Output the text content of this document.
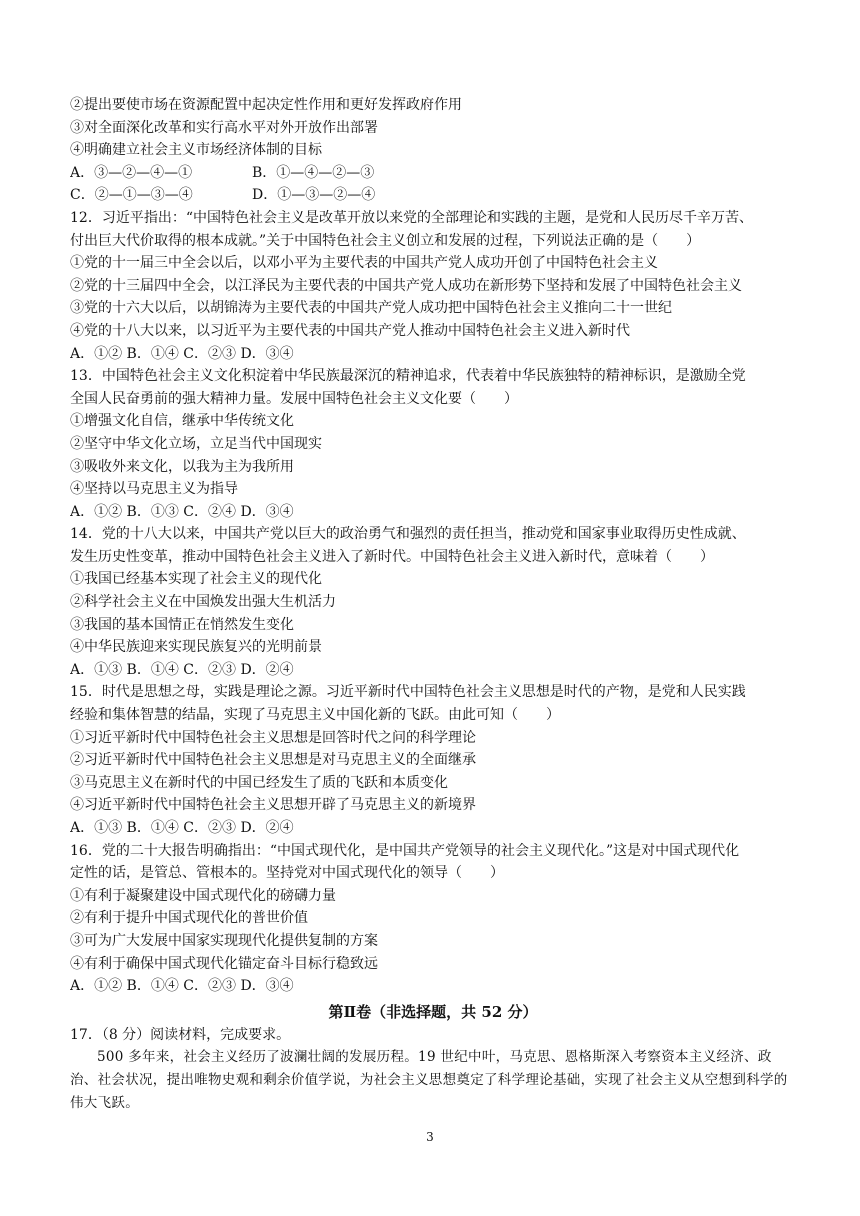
②提出要使市场在资源配置中起决定性作用和更好发挥政府作用
③对全面深化改革和实行高水平对外开放作出部署
④明确建立社会主义市场经济体制的目标
A．③—②—④—①	B．①—④—②—③
C．②—①—③—④	D．①—③—②—④
12．习近平指出：“中国特色社会主义是改革开放以来党的全部理论和实践的主题，是党和人民历尽千辛万苦、
付出巨大代价取得的根本成就。”关于中国特色社会主义创立和发展的过程，下列说法正确的是（　　）
①党的十一届三中全会以后，以邓小平为主要代表的中国共产党人成功开创了中国特色社会主义
②党的十三届四中全会，以江泽民为主要代表的中国共产党人成功在新形势下坚持和发展了中国特色社会主义
③党的十六大以后，以胡锦涛为主要代表的中国共产党人成功把中国特色社会主义推向二十一世纪
④党的十八大以来，以习近平为主要代表的中国共产党人推动中国特色社会主义进入新时代
A．①② B．①④ C．②③ D．③④
13．中国特色社会主义文化积淀着中华民族最深沉的精神追求，代表着中华民族独特的精神标识，是激励全党
全国人民奋勇前的强大精神力量。发展中国特色社会主义文化要（　　）
①增强文化自信，继承中华传统文化
②坚守中华文化立场，立足当代中国现实
③吸收外来文化，以我为主为我所用
④坚持以马克思主义为指导
A．①② B．①③ C．②④ D．③④
14．党的十八大以来，中国共产党以巨大的政治勇气和强烈的责任担当，推动党和国家事业取得历史性成就、
发生历史性变革，推动中国特色社会主义进入了新时代。中国特色社会主义进入新时代，意味着（　　）
①我国已经基本实现了社会主义的现代化
②科学社会主义在中国焕发出强大生机活力
③我国的基本国情正在悄然发生变化
④中华民族迎来实现民族复兴的光明前景
A．①③ B．①④ C．②③ D．②④
15．时代是思想之母，实践是理论之源。习近平新时代中国特色社会主义思想是时代的产物，是党和人民实践
经验和集体智慧的结晶，实现了马克思主义中国化新的飞跃。由此可知（　　）
①习近平新时代中国特色社会主义思想是回答时代之问的科学理论
②习近平新时代中国特色社会主义思想是对马克思主义的全面继承
③马克思主义在新时代的中国已经发生了质的飞跃和本质变化
④习近平新时代中国特色社会主义思想开辟了马克思主义的新境界
A．①③ B．①④ C．②③ D．②④
16．党的二十大报告明确指出：“中国式现代化，是中国共产党领导的社会主义现代化。”这是对中国式现代化
定性的话，是管总、管根本的。坚持党对中国式现代化的领导（　　）
①有利于凝聚建设中国式现代化的磅礴力量
②有利于提升中国式现代化的普世价值
③可为广大发展中国家实现现代化提供复制的方案
④有利于确保中国式现代化锚定奋斗目标行稳致远
A．①② B．①④ C．②③ D．③④
第Ⅱ卷（非选择题，共 52 分）
17．（8 分）阅读材料，完成要求。

500 多年来，社会主义经历了波澜壮阔的发展历程。19 世纪中叶，马克思、恩格斯深入考察资本主义经济、政治、社会状况，提出唯物史观和剩余价值学说，为社会主义思想奠定了科学理论基础，实现了社会主义从空想到科学的伟大飞跃。

3
